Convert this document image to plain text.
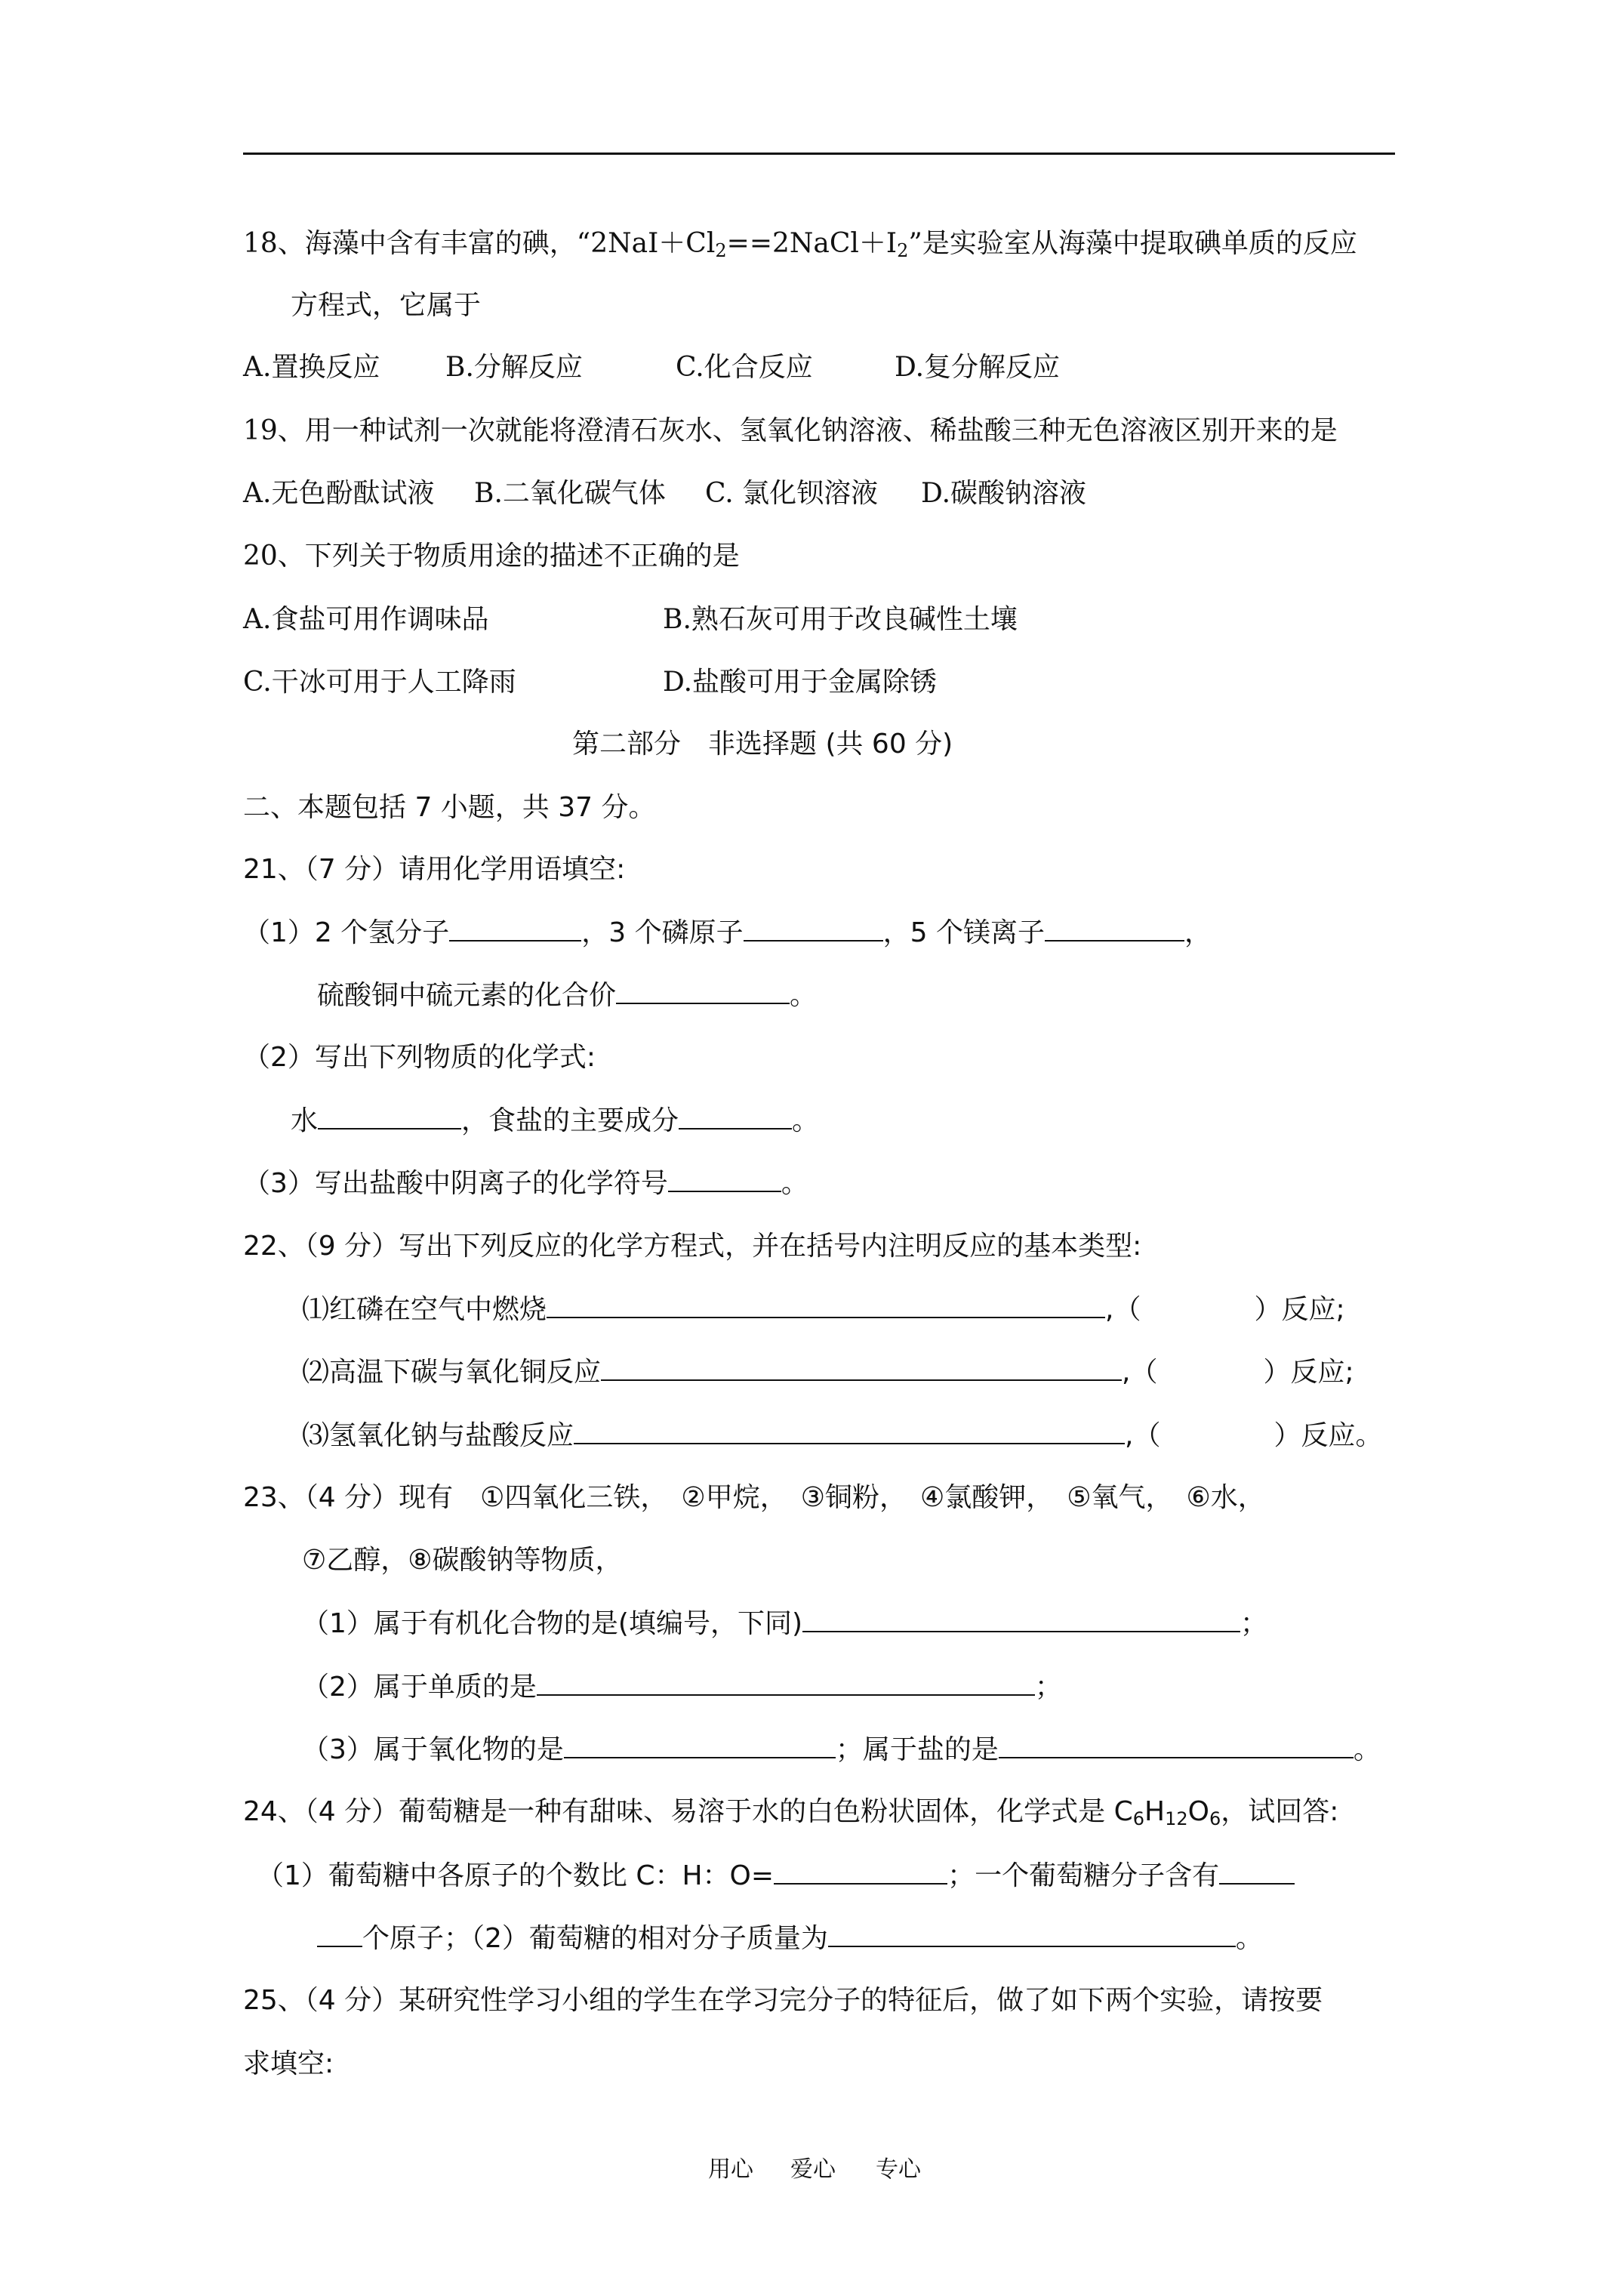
18、海藻中含有丰富的碘，“$2NaI+Cl_2==2NaCl+I_2$”是实验室从海藻中提取碘单质的反应
方程式，它属于
A.置换反应 B.分解反应	C.化合反应	D.复分解反应
19、用一种试剂一次就能将澄清石灰水、氢氧化钠溶液、稀盐酸三种无色溶液区别开来的是
A.无色酚酞试液 B.二氧化碳气体 C. 氯化钡溶液 D.碳酸钠溶液
20、下列关于物质用途的描述不正确的是
A.食盐可用作调味品	B.熟石灰可用于改良碱性土壤
C.干冰可用于人工降雨	D.盐酸可用于金属除锈
第二部分　非选择题 (共 60 分)
二、本题包括 7 小题，共 37 分。
21、（7 分）请用化学用语填空:
（1）2 个氢分子	，3 个磷原子	，5 个镁离子	，
硫酸铜中硫元素的化合价	。
（2）写出下列物质的化学式:
水	，食盐的主要成分	。
（3）写出盐酸中阴离子的化学符号	。
22、（9 分）写出下列反应的化学方程式，并在括号内注明反应的基本类型:
⑴红磷在空气中燃烧	,（	）反应;
⑵高温下碳与氧化铜反应	,（	）反应;
⑶氢氧化钠与盐酸反应	,（	）反应。
23、（4 分）现有　①四氧化三铁，　②甲烷，　③铜粉，　④氯酸钾，　⑤氧气，　⑥水，
⑦乙醇，⑧碳酸钠等物质，
（1）属于有机化合物的是(填编号，下同)	；
（2）属于单质的是	；
（3）属于氧化物的是	；属于盐的是	。
24、（4 分）葡萄糖是一种有甜味、易溶于水的白色粉状固体，化学式是 $C_6H_{12}O_6$，试回答:
（1）葡萄糖中各原子的个数比 C：H：O=	；一个葡萄糖分子含有
个原子；（2）葡萄糖的相对分子质量为	。
25、（4 分）某研究性学习小组的学生在学习完分子的特征后，做了如下两个实验，请按要
求填空:
用心 爱心 专心
